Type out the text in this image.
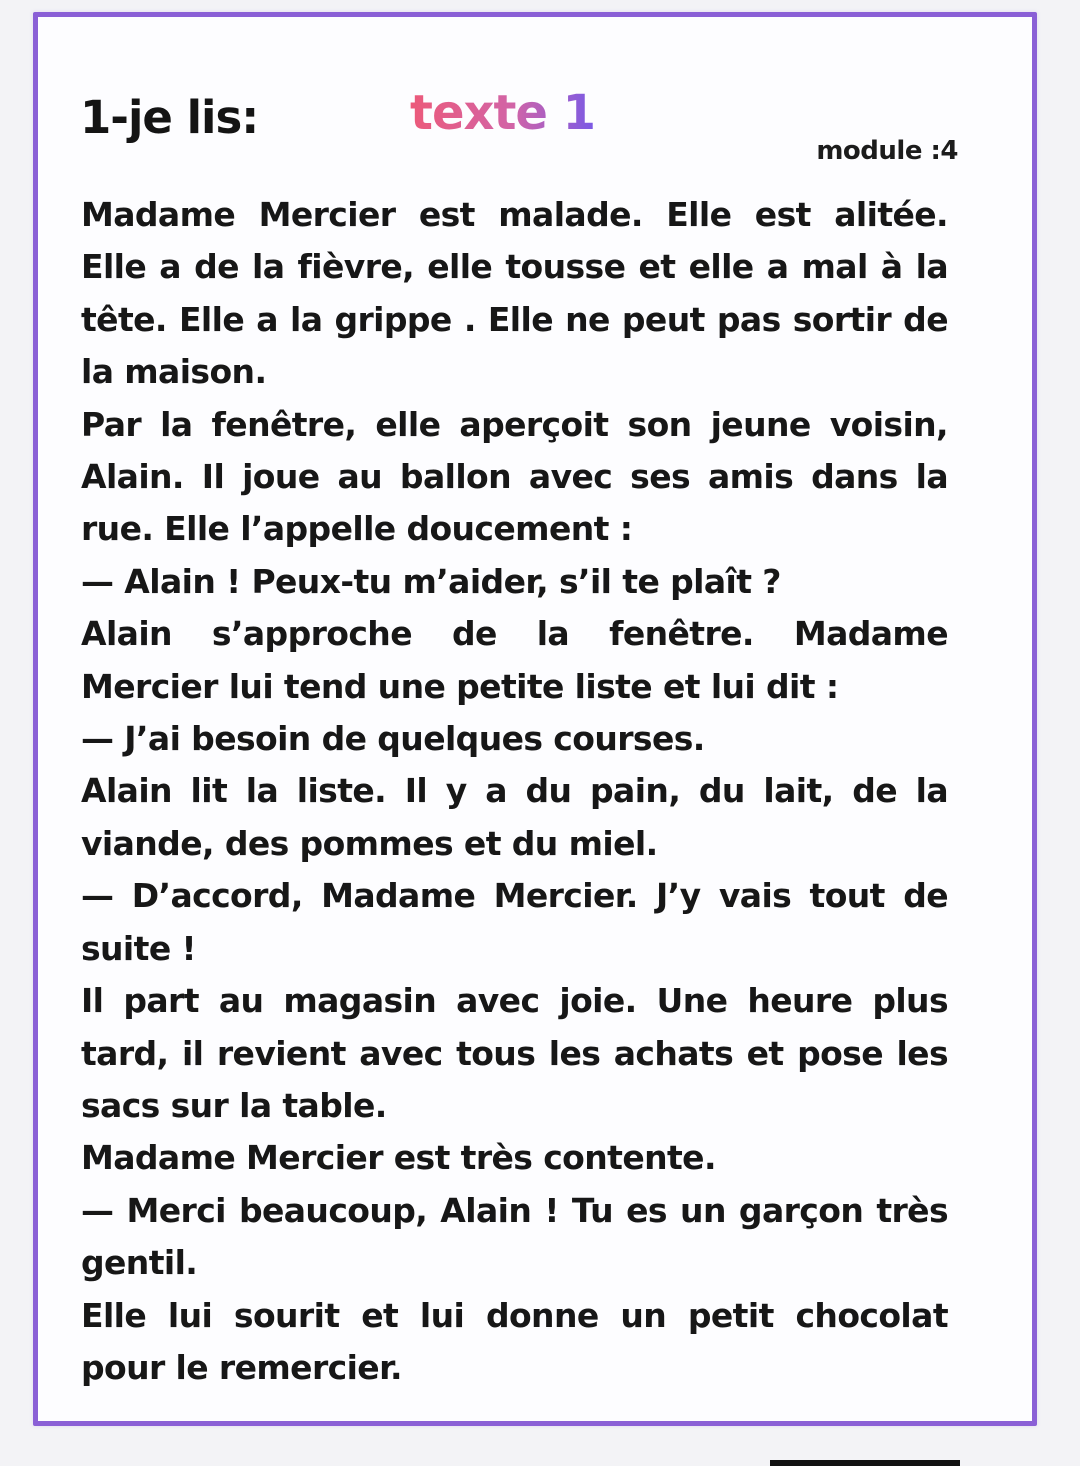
1-je lis:	texte 1
module :4

Madame Mercier est malade. Elle est alitée. Elle a de la fièvre, elle tousse et elle a mal à la tête. Elle a la grippe . Elle ne peut pas sortir de la maison.

Par la fenêtre, elle aperçoit son jeune voisin, Alain. Il joue au ballon avec ses amis dans la rue. Elle l’appelle doucement :

— Alain ! Peux-tu m’aider, s’il te plaît ?

Alain s’approche de la fenêtre. Madame Mercier lui tend une petite liste et lui dit :

— J’ai besoin de quelques courses.

Alain lit la liste. Il y a du pain, du lait, de la viande, des pommes et du miel.

— D’accord, Madame Mercier. J’y vais tout de suite !

Il part au magasin avec joie. Une heure plus tard, il revient avec tous les achats et pose les sacs sur la table.

Madame Mercier est très contente.

— Merci beaucoup, Alain ! Tu es un garçon très gentil.

Elle lui sourit et lui donne un petit chocolat pour le remercier.
